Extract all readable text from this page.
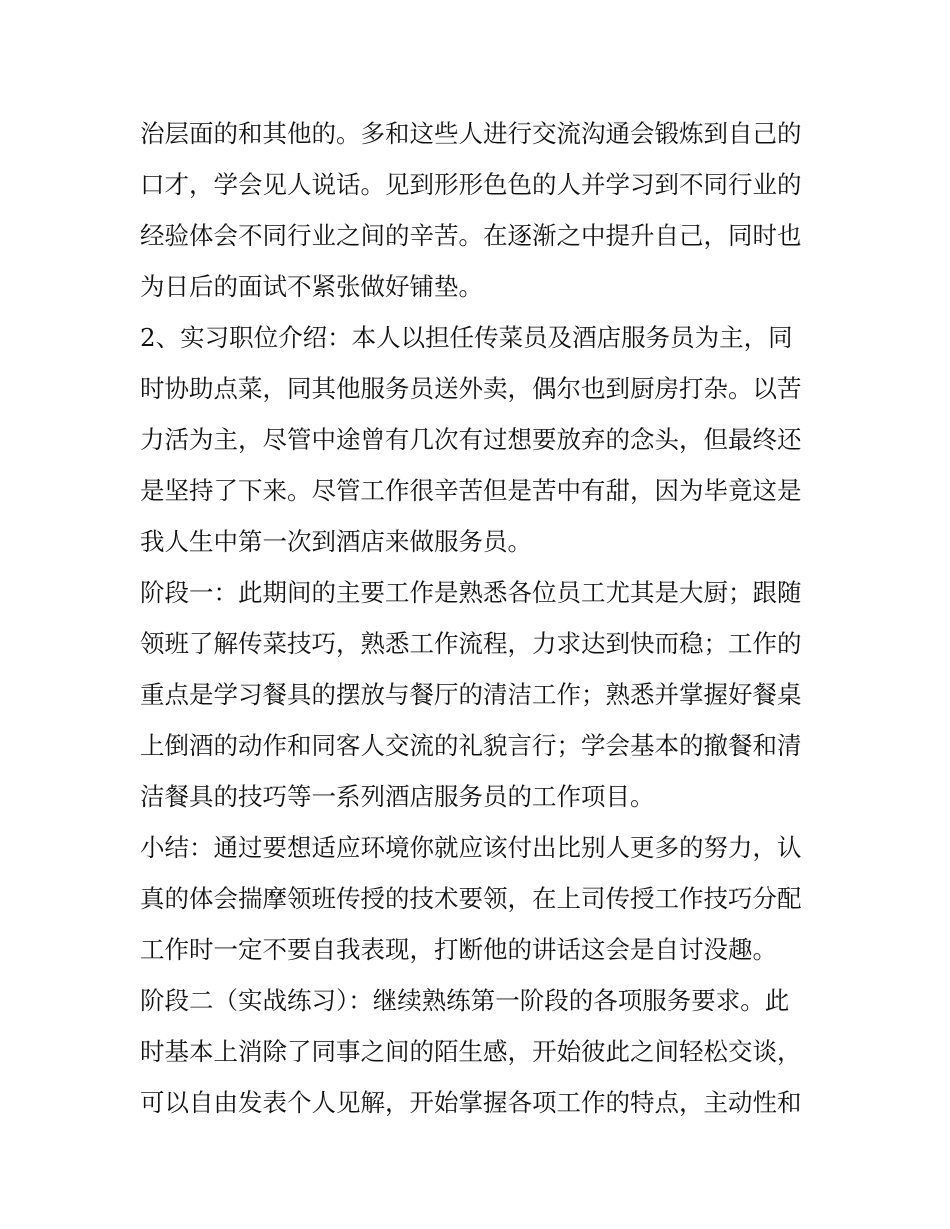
治层面的和其他的。多和这些人进行交流沟通会锻炼到自己的
口才，学会见人说话。见到形形色色的人并学习到不同行业的
经验体会不同行业之间的辛苦。在逐渐之中提升自己，同时也
为日后的面试不紧张做好铺垫。
2、实习职位介绍：本人以担任传菜员及酒店服务员为主，同
时协助点菜，同其他服务员送外卖，偶尔也到厨房打杂。以苦
力活为主，尽管中途曾有几次有过想要放弃的念头，但最终还
是坚持了下来。尽管工作很辛苦但是苦中有甜，因为毕竟这是
我人生中第一次到酒店来做服务员。
阶段一：此期间的主要工作是熟悉各位员工尤其是大厨；跟随
领班了解传菜技巧，熟悉工作流程，力求达到快而稳；工作的
重点是学习餐具的摆放与餐厅的清洁工作；熟悉并掌握好餐桌
上倒酒的动作和同客人交流的礼貌言行；学会基本的撤餐和清
洁餐具的技巧等一系列酒店服务员的工作项目。
小结：通过要想适应环境你就应该付出比别人更多的努力，认
真的体会揣摩领班传授的技术要领，在上司传授工作技巧分配
工作时一定不要自我表现，打断他的讲话这会是自讨没趣。
阶段二（实战练习）：继续熟练第一阶段的各项服务要求。此
时基本上消除了同事之间的陌生感，开始彼此之间轻松交谈，
可以自由发表个人见解，开始掌握各项工作的特点，主动性和
